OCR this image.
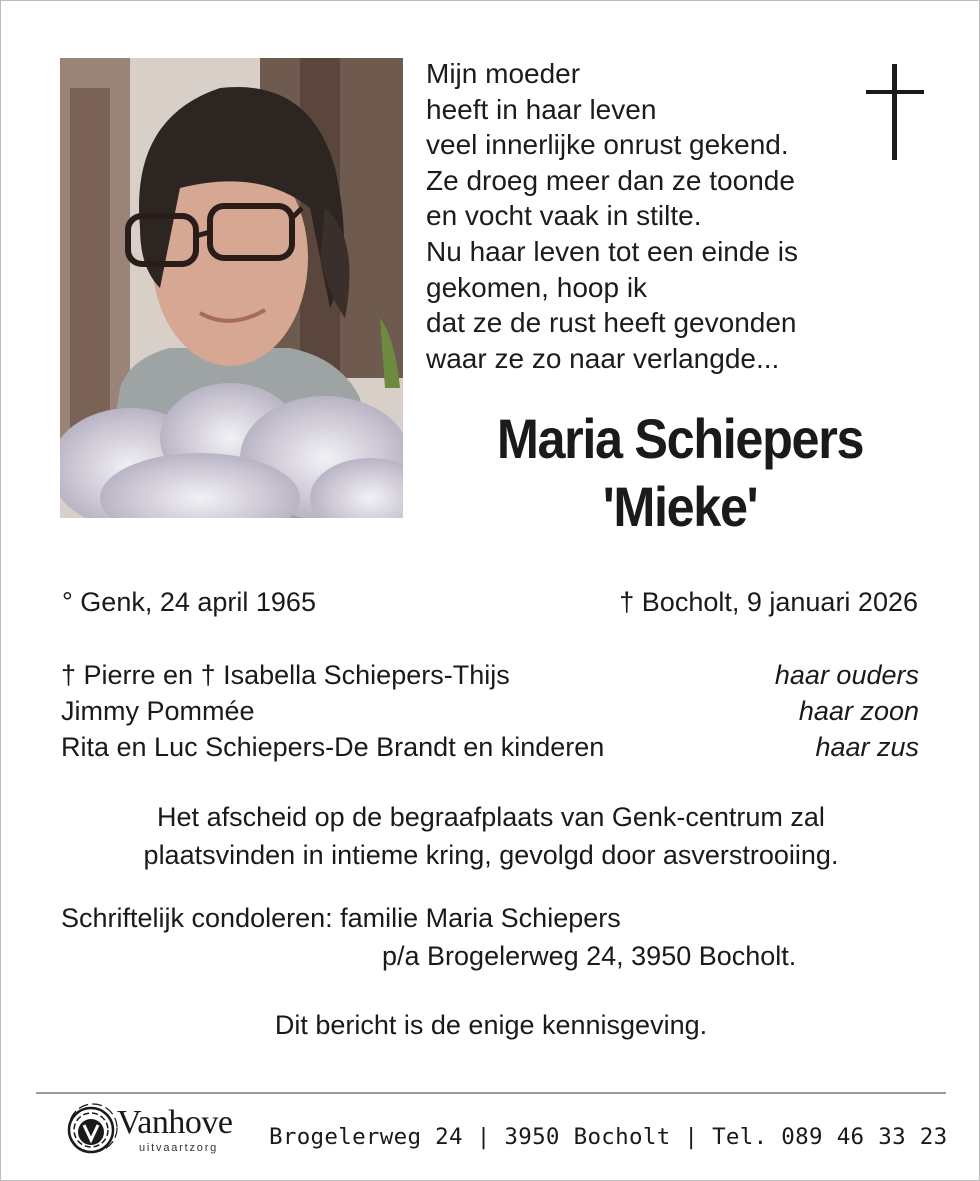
Mijn moeder
heeft in haar leven
veel innerlijke onrust gekend.
Ze droeg meer dan ze toonde
en vocht vaak in stilte.
Nu haar leven tot een einde is
gekomen, hoop ik
dat ze de rust heeft gevonden
waar ze zo naar verlangde...
Maria Schiepers
'Mieke'
° Genk, 24 april 1965	† Bocholt, 9 januari 2026
† Pierre en † Isabella Schiepers-Thijs	haar ouders
Jimmy Pommée	haar zoon
Rita en Luc Schiepers-De Brandt en kinderen	haar zus
Het afscheid op de begraafplaats van Genk-centrum zal
plaatsvinden in intieme kring, gevolgd door asverstrooiing.
Schriftelijk condoleren: familie Maria Schiepers
p/a Brogelerweg 24, 3950 Bocholt.
Dit bericht is de enige kennisgeving.
Vanhove
uitvaartzorg Brogelerweg 24 | 3950 Bocholt | Tel. 089 46 33 23
